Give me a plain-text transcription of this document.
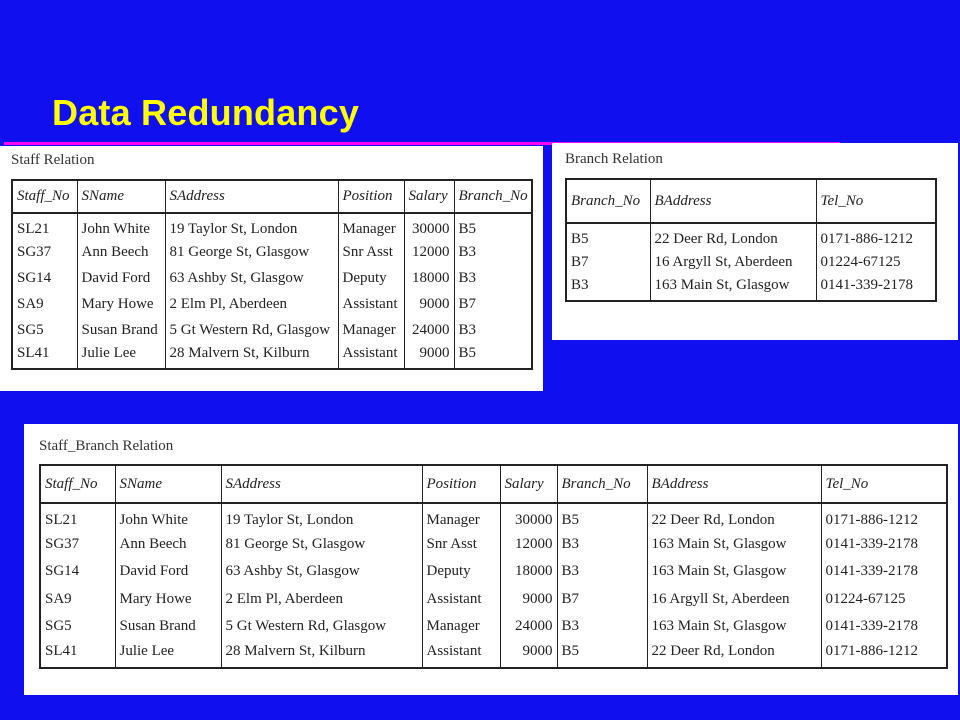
Data Redundancy

Staff Relation

Staff_No	SName	SAddress	Position	Salary	Branch_No
SL21	John White	19 Taylor St, London	Manager	30000	B5
SG37	Ann Beech	81 George St, Glasgow	Snr Asst	12000	B3
SG14	David Ford	63 Ashby St, Glasgow	Deputy	18000	B3
SA9	Mary Howe	2 Elm Pl, Aberdeen	Assistant	9000	B7
SG5	Susan Brand	5 Gt Western Rd, Glasgow	Manager	24000	B3
SL41	Julie Lee	28 Malvern St, Kilburn	Assistant	9000	B5

Branch Relation

Branch_No	BAddress	Tel_No
B5	22 Deer Rd, London	0171-886-1212
B7	16 Argyll St, Aberdeen	01224-67125
B3	163 Main St, Glasgow	0141-339-2178

Staff_Branch Relation

Staff_No	SName	SAddress	Position	Salary	Branch_No	BAddress	Tel_No
SL21	John White	19 Taylor St, London	Manager	30000	B5	22 Deer Rd, London	0171-886-1212
SG37	Ann Beech	81 George St, Glasgow	Snr Asst	12000	B3	163 Main St, Glasgow	0141-339-2178
SG14	David Ford	63 Ashby St, Glasgow	Deputy	18000	B3	163 Main St, Glasgow	0141-339-2178
SA9	Mary Howe	2 Elm Pl, Aberdeen	Assistant	9000	B7	16 Argyll St, Aberdeen	01224-67125
SG5	Susan Brand	5 Gt Western Rd, Glasgow	Manager	24000	B3	163 Main St, Glasgow	0141-339-2178
SL41	Julie Lee	28 Malvern St, Kilburn	Assistant	9000	B5	22 Deer Rd, London	0171-886-1212
